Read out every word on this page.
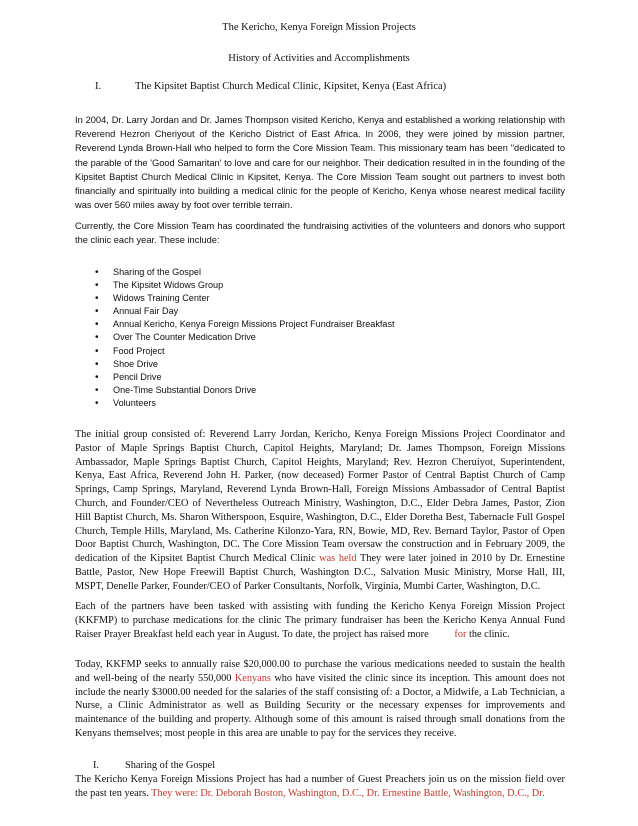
The Kericho, Kenya Foreign Mission Projects
History of Activities and Accomplishments
I.	The Kipsitet Baptist Church Medical Clinic, Kipsitet, Kenya (East Africa)

In 2004, Dr. Larry Jordan and Dr. James Thompson visited Kericho, Kenya and established a working relationship with Reverend Hezron Cheriyout of the Kericho District of East Africa. In 2006, they were joined by mission partner, Reverend Lynda Brown-Hall who helped to form the Core Mission Team. This missionary team has been "dedicated to the parable of the 'Good Samaritan' to love and care for our neighbor. Their dedication resulted in in the founding of the Kipsitet Baptist Church Medical Clinic in Kipsitet, Kenya. The Core Mission Team sought out partners to invest both financially and spiritually into building a medical clinic for the people of Kericho, Kenya whose nearest medical facility was over 560 miles away by foot over terrible terrain.

Currently, the Core Mission Team has coordinated the fundraising activities of the volunteers and donors who support the clinic each year. These include:

• Sharing of the Gospel
• The Kipsitet Widows Group
• Widows Training Center
• Annual Fair Day
• Annual Kericho, Kenya Foreign Missions Project Fundraiser Breakfast
• Over The Counter Medication Drive
• Food Project
• Shoe Drive
• Pencil Drive
• One-Time Substantial Donors Drive
• Volunteers

The initial group consisted of: Reverend Larry Jordan, Kericho, Kenya Foreign Missions Project Coordinator and Pastor of Maple Springs Baptist Church, Capitol Heights, Maryland; Dr. James Thompson, Foreign Missions Ambassador, Maple Springs Baptist Church, Capitol Heights, Maryland; Rev. Hezron Cheruiyot, Superintendent, Kenya, East Africa, Reverend John H. Parker, (now deceased) Former Pastor of Central Baptist Church of Camp Springs, Camp Springs, Maryland, Reverend Lynda Brown-Hall, Foreign Missions Ambassador of Central Baptist Church, and Founder/CEO of Nevertheless Outreach Ministry, Washington, D.C., Elder Debra James, Pastor, Zion Hill Baptist Church, Ms. Sharon Witherspoon, Esquire, Washington, D.C., Elder Doretha Best, Tabernacle Full Gospel Church, Temple Hills, Maryland, Ms. Catherine Kilonzo-Yara, RN, Bowie, MD, Rev. Bernard Taylor, Pastor of Open Door Baptist Church, Washington, DC. The Core Mission Team oversaw the construction and in February 2009, the dedication of the Kipsitet Baptist Church Medical Clinic was held They were later joined in 2010 by Dr. Ernestine Battle, Pastor, New Hope Freewill Baptist Church, Washington D.C., Salvation Music Ministry, Morse Hall, III, MSPT, Denelle Parker, Founder/CEO of Parker Consultants, Norfolk, Virginia, Mumbi Carter, Washington, D.C.

Each of the partners have been tasked with assisting with funding the Kericho Kenya Foreign Mission Project (KKFMP) to purchase medications for the clinic The primary fundraiser has been the Kericho Kenya Annual Fund Raiser Prayer Breakfast held each year in August. To date, the project has raised more	for the clinic.

Today, KKFMP seeks to annually raise $20,000.00 to purchase the various medications needed to sustain the health and well-being of the nearly 550,000 Kenyans who have visited the clinic since its inception. This amount does not include the nearly $3000.00 needed for the salaries of the staff consisting of: a Doctor, a Midwife, a Lab Technician, a Nurse, a Clinic Administrator as well as Building Security or the necessary expenses for improvements and maintenance of the building and property. Although some of this amount is raised through small donations from the Kenyans themselves; most people in this area are unable to pay for the services they receive.

I.	Sharing of the Gospel

The Kericho Kenya Foreign Missions Project has had a number of Guest Preachers join us on the mission field over the past ten years. They were: Dr. Deborah Boston, Washington, D.C., Dr. Ernestine Battle, Washington, D.C., Dr.
